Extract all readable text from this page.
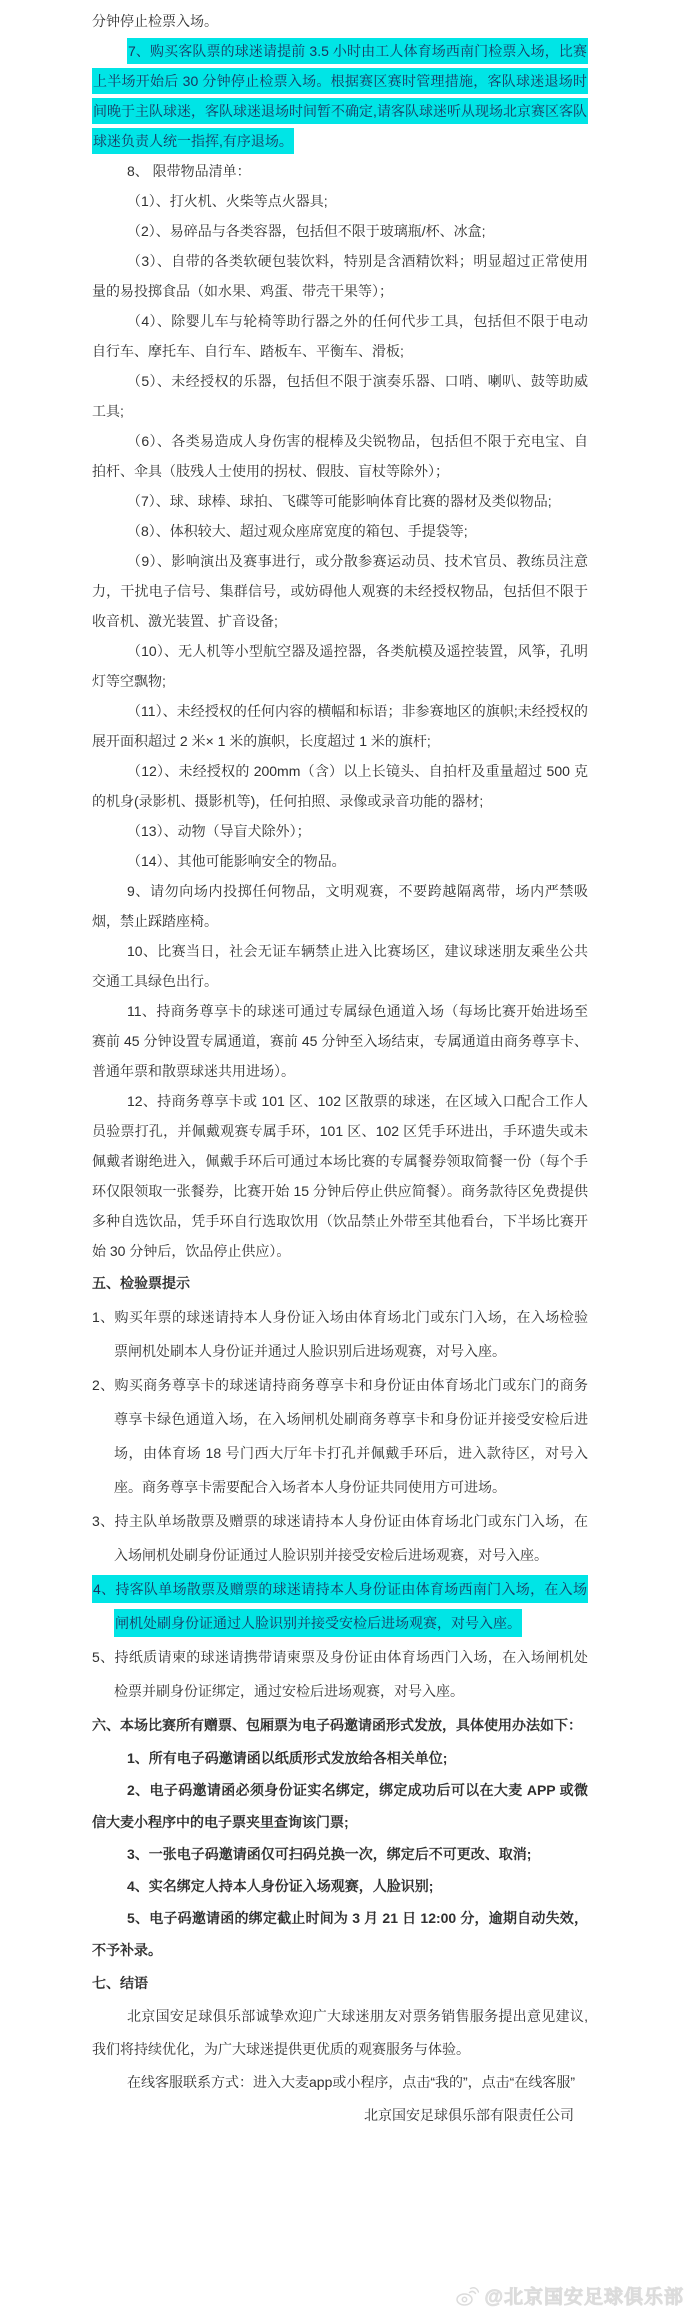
分钟停止检票入场。

7、购买客队票的球迷请提前 3.5 小时由工人体育场西南门检票入场，比赛上半场开始后 30 分钟停止检票入场。根据赛区赛时管理措施，客队球迷退场时间晚于主队球迷，客队球迷退场时间暂不确定,请客队球迷听从现场北京赛区客队球迷负责人统一指挥,有序退场。

8、 限带物品清单：

（1）、打火机、火柴等点火器具;

（2）、易碎品与各类容器，包括但不限于玻璃瓶/杯、冰盒;

（3）、自带的各类软硬包装饮料，特别是含酒精饮料；明显超过正常使用量的易投掷食品（如水果、鸡蛋、带壳干果等）；

（4）、除婴儿车与轮椅等助行器之外的任何代步工具，包括但不限于电动自行车、摩托车、自行车、踏板车、平衡车、滑板;

（5）、未经授权的乐器，包括但不限于演奏乐器、口哨、喇叭、鼓等助威工具;

（6）、各类易造成人身伤害的棍棒及尖锐物品，包括但不限于充电宝、自拍杆、伞具（肢残人士使用的拐杖、假肢、盲杖等除外）；

（7）、球、球棒、球拍、飞碟等可能影响体育比赛的器材及类似物品;

（8）、体积较大、超过观众座席宽度的箱包、手提袋等;

（9）、影响演出及赛事进行，或分散参赛运动员、技术官员、教练员注意力，干扰电子信号、集群信号，或妨碍他人观赛的未经授权物品，包括但不限于收音机、激光装置、扩音设备;

（10）、无人机等小型航空器及遥控器，各类航模及遥控装置，风筝，孔明灯等空飘物;

（11）、未经授权的任何内容的横幅和标语；非参赛地区的旗帜;未经授权的展开面积超过 2 米× 1 米的旗帜，长度超过 1 米的旗杆;

（12）、未经授权的 200mm（含）以上长镜头、自拍杆及重量超过 500 克的机身(录影机、摄影机等)，任何拍照、录像或录音功能的器材;

（13）、动物（导盲犬除外）；

（14）、其他可能影响安全的物品。

9、请勿向场内投掷任何物品，文明观赛，不要跨越隔离带，场内严禁吸烟，禁止踩踏座椅。

10、比赛当日，社会无证车辆禁止进入比赛场区，建议球迷朋友乘坐公共交通工具绿色出行。

11、持商务尊享卡的球迷可通过专属绿色通道入场（每场比赛开始进场至赛前 45 分钟设置专属通道，赛前 45 分钟至入场结束，专属通道由商务尊享卡、普通年票和散票球迷共用进场）。

12、持商务尊享卡或 101 区、102 区散票的球迷，在区域入口配合工作人员验票打孔，并佩戴观赛专属手环，101 区、102 区凭手环进出，手环遗失或未佩戴者谢绝进入，佩戴手环后可通过本场比赛的专属餐券领取简餐一份（每个手环仅限领取一张餐券，比赛开始 15 分钟后停止供应简餐）。商务款待区免费提供多种自选饮品，凭手环自行选取饮用（饮品禁止外带至其他看台，下半场比赛开始 30 分钟后，饮品停止供应）。

五、检验票提示

1、购买年票的球迷请持本人身份证入场由体育场北门或东门入场，在入场检验票闸机处刷本人身份证并通过人脸识别后进场观赛，对号入座。

2、购买商务尊享卡的球迷请持商务尊享卡和身份证由体育场北门或东门的商务尊享卡绿色通道入场，在入场闸机处刷商务尊享卡和身份证并接受安检后进场，由体育场 18 号门西大厅年卡打孔并佩戴手环后，进入款待区，对号入座。商务尊享卡需要配合入场者本人身份证共同使用方可进场。

3、持主队单场散票及赠票的球迷请持本人身份证由体育场北门或东门入场，在入场闸机处刷身份证通过人脸识别并接受安检后进场观赛，对号入座。

4、持客队单场散票及赠票的球迷请持本人身份证由体育场西南门入场，在入场闸机处刷身份证通过人脸识别并接受安检后进场观赛，对号入座。

5、持纸质请柬的球迷请携带请柬票及身份证由体育场西门入场，在入场闸机处检票并刷身份证绑定，通过安检后进场观赛，对号入座。

六、本场比赛所有赠票、包厢票为电子码邀请函形式发放，具体使用办法如下：

1、所有电子码邀请函以纸质形式发放给各相关单位;

2、电子码邀请函必须身份证实名绑定，绑定成功后可以在大麦 APP 或微信大麦小程序中的电子票夹里查询该门票;

3、一张电子码邀请函仅可扫码兑换一次，绑定后不可更改、取消;

4、实名绑定人持本人身份证入场观赛，人脸识别;

5、电子码邀请函的绑定截止时间为 3 月 21 日 12:00 分，逾期自动失效，不予补录。

七、结语

北京国安足球俱乐部诚挚欢迎广大球迷朋友对票务销售服务提出意见建议,我们将持续优化，为广大球迷提供更优质的观赛服务与体验。

在线客服联系方式：进入大麦app或小程序，点击“我的”，点击“在线客服”

北京国安足球俱乐部有限责任公司

@北京国安足球俱乐部
